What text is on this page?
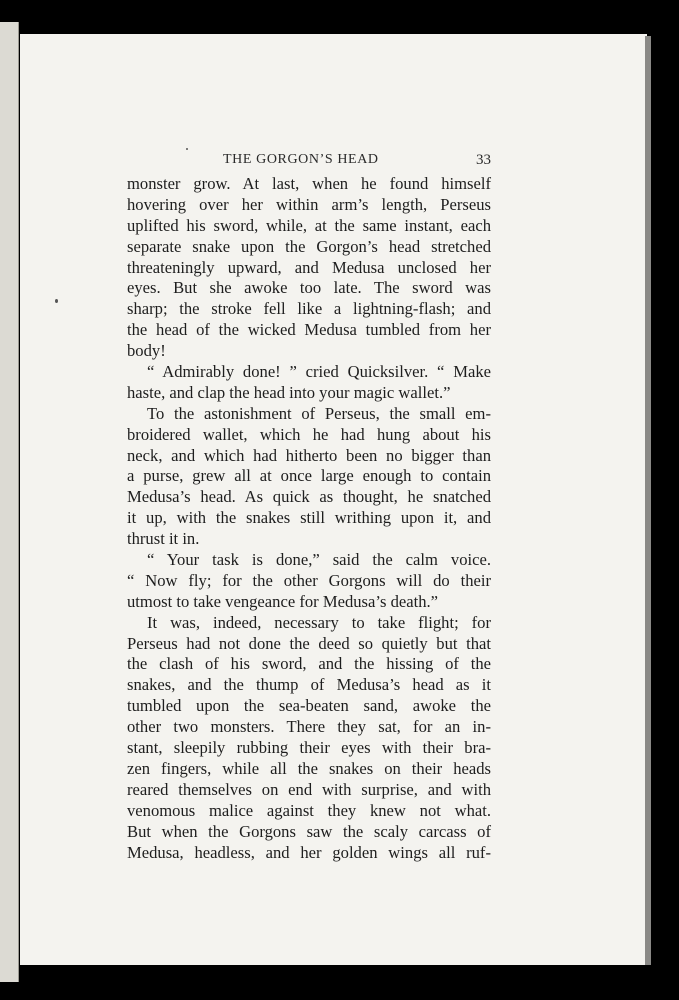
THE GORGON’S HEAD	33
monster grow. At last, when he found himself
hovering over her within arm’s length, Perseus
uplifted his sword, while, at the same instant, each
separate snake upon the Gorgon’s head stretched
threateningly upward, and Medusa unclosed her
eyes. But she awoke too late. The sword was
sharp; the stroke fell like a lightning-flash; and
the head of the wicked Medusa tumbled from her
body!
“ Admirably done! ” cried Quicksilver. “ Make
haste, and clap the head into your magic wallet.”
To the astonishment of Perseus, the small em-
broidered wallet, which he had hung about his
neck, and which had hitherto been no bigger than
a purse, grew all at once large enough to contain
Medusa’s head. As quick as thought, he snatched
it up, with the snakes still writhing upon it, and
thrust it in.
“ Your task is done,” said the calm voice.
“ Now fly; for the other Gorgons will do their
utmost to take vengeance for Medusa’s death.”
It was, indeed, necessary to take flight; for
Perseus had not done the deed so quietly but that
the clash of his sword, and the hissing of the
snakes, and the thump of Medusa’s head as it
tumbled upon the sea-beaten sand, awoke the
other two monsters. There they sat, for an in-
stant, sleepily rubbing their eyes with their bra-
zen fingers, while all the snakes on their heads
reared themselves on end with surprise, and with
venomous malice against they knew not what.
But when the Gorgons saw the scaly carcass of
Medusa, headless, and her golden wings all ruf-
